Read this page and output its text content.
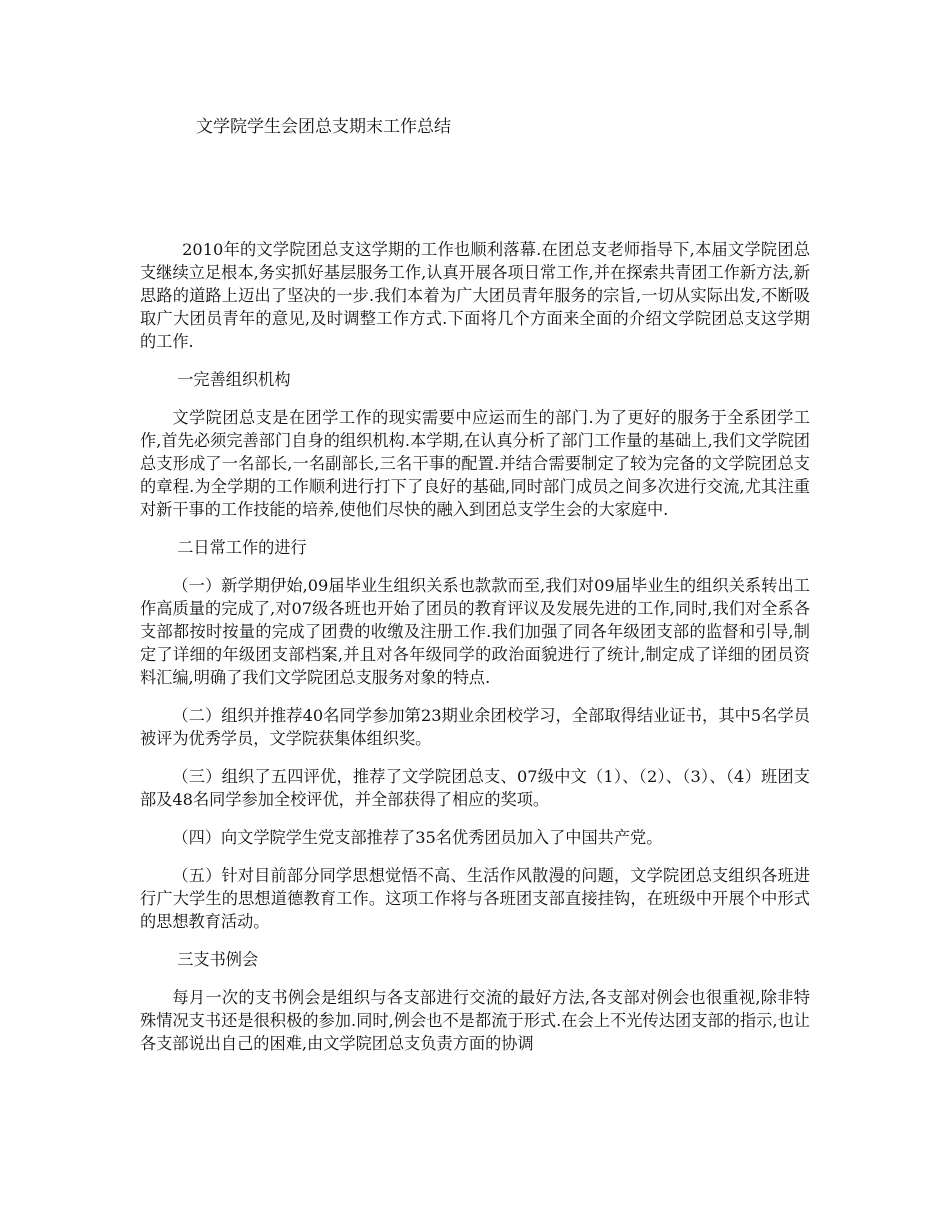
文学院学生会团总支期末工作总结

2010年的文学院团总支这学期的工作也顺利落幕.在团总支老师指导下,本届文学院团总支继续立足根本,务实抓好基层服务工作,认真开展各项日常工作,并在探索共青团工作新方法,新思路的道路上迈出了坚决的一步.我们本着为广大团员青年服务的宗旨,一切从实际出发,不断吸取广大团员青年的意见,及时调整工作方式.下面将几个方面来全面的介绍文学院团总支这学期的工作.

一完善组织机构

文学院团总支是在团学工作的现实需要中应运而生的部门.为了更好的服务于全系团学工作,首先必须完善部门自身的组织机构.本学期,在认真分析了部门工作量的基础上,我们文学院团总支形成了一名部长,一名副部长,三名干事的配置.并结合需要制定了较为完备的文学院团总支的章程.为全学期的工作顺利进行打下了良好的基础,同时部门成员之间多次进行交流,尤其注重对新干事的工作技能的培养,使他们尽快的融入到团总支学生会的大家庭中.

二日常工作的进行

（一）新学期伊始,09届毕业生组织关系也款款而至,我们对09届毕业生的组织关系转出工作高质量的完成了,对07级各班也开始了团员的教育评议及发展先进的工作,同时,我们对全系各支部都按时按量的完成了团费的收缴及注册工作.我们加强了同各年级团支部的监督和引导,制定了详细的年级团支部档案,并且对各年级同学的政治面貌进行了统计,制定成了详细的团员资料汇编,明确了我们文学院团总支服务对象的特点.

（二）组织并推荐40名同学参加第23期业余团校学习，全部取得结业证书，其中5名学员被评为优秀学员，文学院获集体组织奖。

（三）组织了五四评优，推荐了文学院团总支、07级中文（1）、（2）、（3）、（4）班团支部及48名同学参加全校评优，并全部获得了相应的奖项。

（四）向文学院学生党支部推荐了35名优秀团员加入了中国共产党。

（五）针对目前部分同学思想觉悟不高、生活作风散漫的问题，文学院团总支组织各班进行广大学生的思想道德教育工作。这项工作将与各班团支部直接挂钩，在班级中开展个中形式的思想教育活动。

三支书例会

每月一次的支书例会是组织与各支部进行交流的最好方法,各支部对例会也很重视,除非特殊情况支书还是很积极的参加.同时,例会也不是都流于形式.在会上不光传达团支部的指示,也让各支部说出自己的困难,由文学院团总支负责方面的协调
